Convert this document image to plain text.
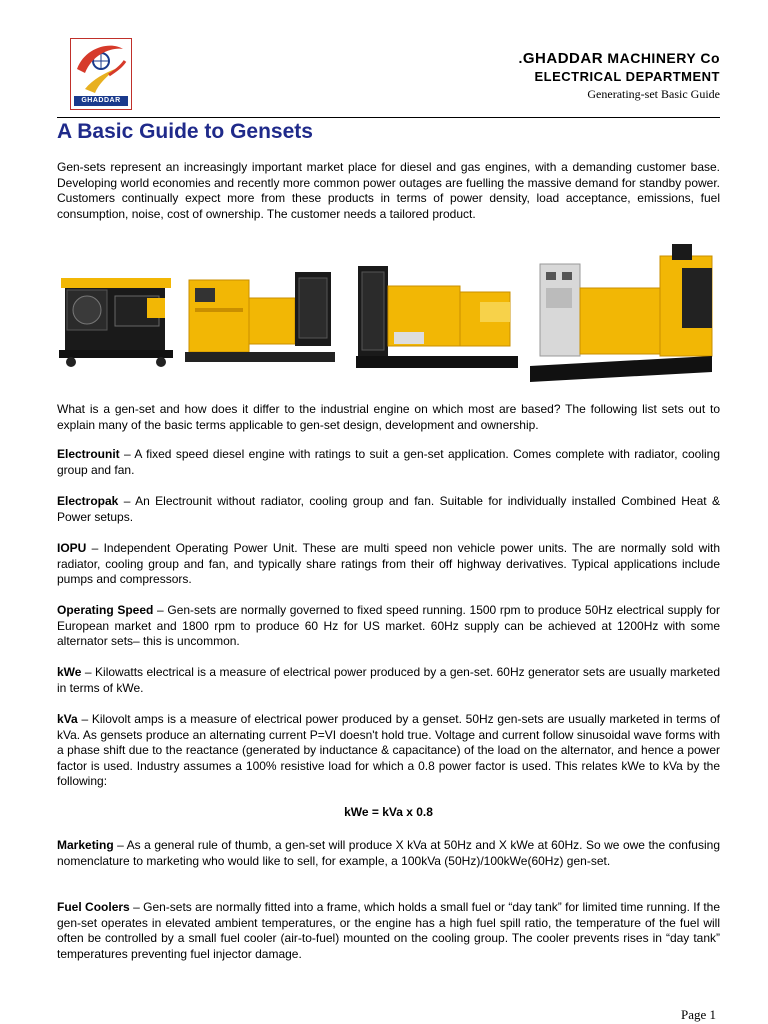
GHADDAR
.GHADDAR MACHINERY Co
ELECTRICAL DEPARTMENT
Generating-set Basic Guide
A Basic Guide to Gensets
Gen-sets represent an increasingly important market place for diesel and gas engines, with a demanding customer base. Developing world economies and recently more common power outages are fuelling the massive demand for standby power. Customers continually expect more from these products in terms of power density, load acceptance, emissions, fuel consumption, noise, cost of ownership. The customer needs a tailored product.
What is a gen-set and how does it differ to the industrial engine on which most are based? The following list sets out to explain many of the basic terms applicable to gen-set design, development and ownership.
Electrounit – A fixed speed diesel engine with ratings to suit a gen-set application. Comes complete with radiator, cooling group and fan.
Electropak – An Electrounit without radiator, cooling group and fan. Suitable for individually installed Combined Heat & Power setups.
IOPU – Independent Operating Power Unit. These are multi speed non vehicle power units. The are normally sold with radiator, cooling group and fan, and typically share ratings from their off highway derivatives. Typical applications include pumps and compressors.
Operating Speed – Gen-sets are normally governed to fixed speed running. 1500 rpm to produce 50Hz electrical supply for European market and 1800 rpm to produce 60 Hz for US market. 60Hz supply can be achieved at 1200Hz with some alternator sets– this is uncommon.
kWe – Kilowatts electrical is a measure of electrical power produced by a gen-set. 60Hz generator sets are usually marketed in terms of kWe.
kVa – Kilovolt amps is a measure of electrical power produced by a genset. 50Hz gen-sets are usually marketed in terms of kVa. As gensets produce an alternating current P=VI doesn't hold true. Voltage and current follow sinusoidal wave forms with a phase shift due to the reactance (generated by inductance & capacitance) of the load on the alternator, and hence a power factor is used. Industry assumes a 100% resistive load for which a 0.8 power factor is used. This relates kWe to kVa by the following:
kWe = kVa x 0.8
Marketing – As a general rule of thumb, a gen-set will produce X kVa at 50Hz and X kWe at 60Hz. So we owe the confusing nomenclature to marketing who would like to sell, for example, a 100kVa (50Hz)/100kWe(60Hz) gen-set.
Fuel Coolers – Gen-sets are normally fitted into a frame, which holds a small fuel or “day tank” for limited time running. If the gen-set operates in elevated ambient temperatures, or the engine has a high fuel spill ratio, the temperature of the fuel will often be controlled by a small fuel cooler (air-to-fuel) mounted on the cooling group. The cooler prevents rises in “day tank” temperatures preventing fuel injector damage.
Page 1
